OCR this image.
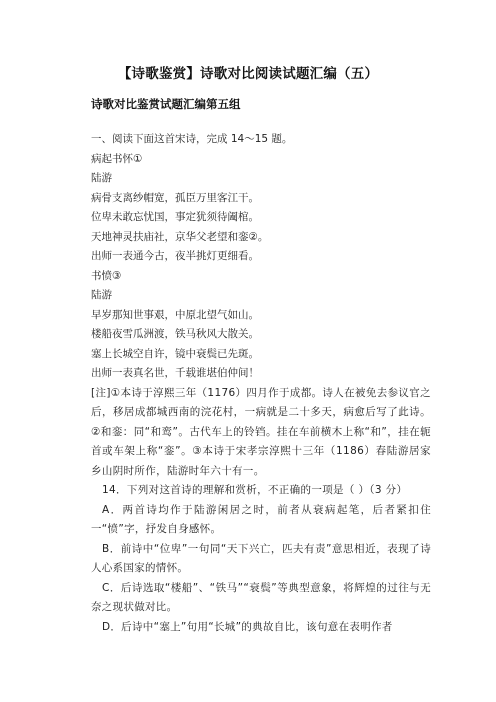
【诗歌鉴赏】诗歌对比阅读试题汇编（五）
诗歌对比鉴赏试题汇编第五组
一、阅读下面这首宋诗，完成 14～15 题。
病起书怀①
陆游
病骨支离纱帽宽，孤臣万里客江干。
位卑未敢忘忧国，事定犹须待阖棺。
天地神灵扶庙社，京华父老望和銮②。
出师一表通今古，夜半挑灯更细看。
书愤③
陆游
早岁那知世事艰，中原北望气如山。
楼船夜雪瓜洲渡，铁马秋风大散关。
塞上长城空自许，镜中衰鬓已先斑。
出师一表真名世，千载谁堪伯仲间！
[注]①本诗于淳熙三年（1176）四月作于成都。诗人在被免去参议官之后，移居成都城西南的浣花村，一病就是二十多天，病愈后写了此诗。②和銮：同“和鸾”。古代车上的铃铛。挂在车前横木上称“和”，挂在轭首或车架上称“銮”。③本诗于宋孝宗淳熙十三年（1186）春陆游居家乡山阴时所作，陆游时年六十有一。
14．下列对这首诗的理解和赏析，不正确的一项是（ ）（3 分）
A．两首诗均作于陆游闲居之时，前者从衰病起笔，后者紧扣住一“愤”字，抒发自身感怀。
B．前诗中“位卑”一句同“天下兴亡，匹夫有责”意思相近，表现了诗人心系国家的情怀。
C．后诗选取“楼船”、“铁马”“衰鬓”等典型意象，将辉煌的过往与无奈之现状做对比。
D．后诗中“塞上”句用“长城”的典故自比，该句意在表明作者
